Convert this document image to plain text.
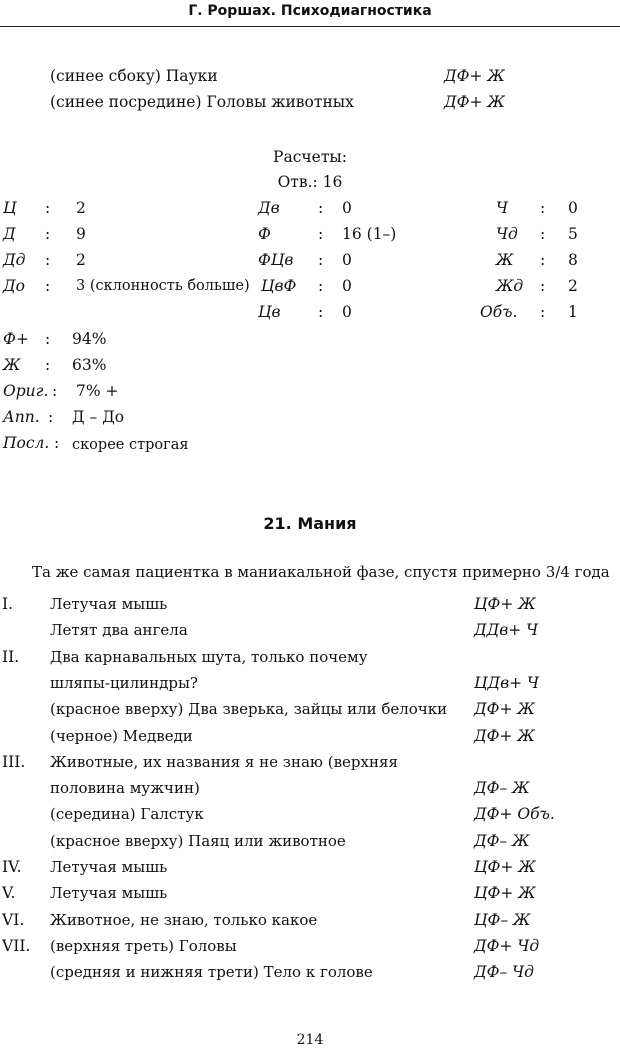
Г. Роршах. Психодиагностика
(синее сбоку) Пауки	ДФ+ Ж
(синее посредине) Головы животных	ДФ+ Ж
Расчеты:
Отв.: 16
Ц : 2
Д : 9
Дд : 2
До : 3 (склонность больше)
Дв : 0
Ф	: 16 (1–)
ФЦв : 0
ЦвФ : 0
Цв : 0
Ч : 0
Чд : 5
Ж : 8
Жд : 2
Объ. : 1
Ф+ : 94%
Ж : 63%
Ориг. : 7% +
Апп. : Д – До
Посл. : скорее строгая
21. Мания
Та же самая пациентка в маниакальной фазе, спустя примерно 3/4 года
I. Летучая мышь	ЦФ+ Ж
Летят два ангела	ДДв+ Ч
II. Два карнавальных шута, только почему
шляпы-цилиндры?	ЦДв+ Ч
(красное вверху) Два зверька, зайцы или белочки ДФ+ Ж
(черное) Медведи	ДФ+ Ж
III. Животные, их названия я не знаю (верхняя
половина мужчин)	ДФ– Ж
(середина) Галстук	ДФ+ Объ.
(красное вверху) Паяц или животное	ДФ– Ж
IV. Летучая мышь	ЦФ+ Ж
V. Летучая мышь	ЦФ+ Ж
VI. Животное, не знаю, только какое	ЦФ– Ж
VII. (верхняя треть) Головы	ДФ+ Чд
(средняя и нижняя трети) Тело к голове	ДФ– Чд
214
